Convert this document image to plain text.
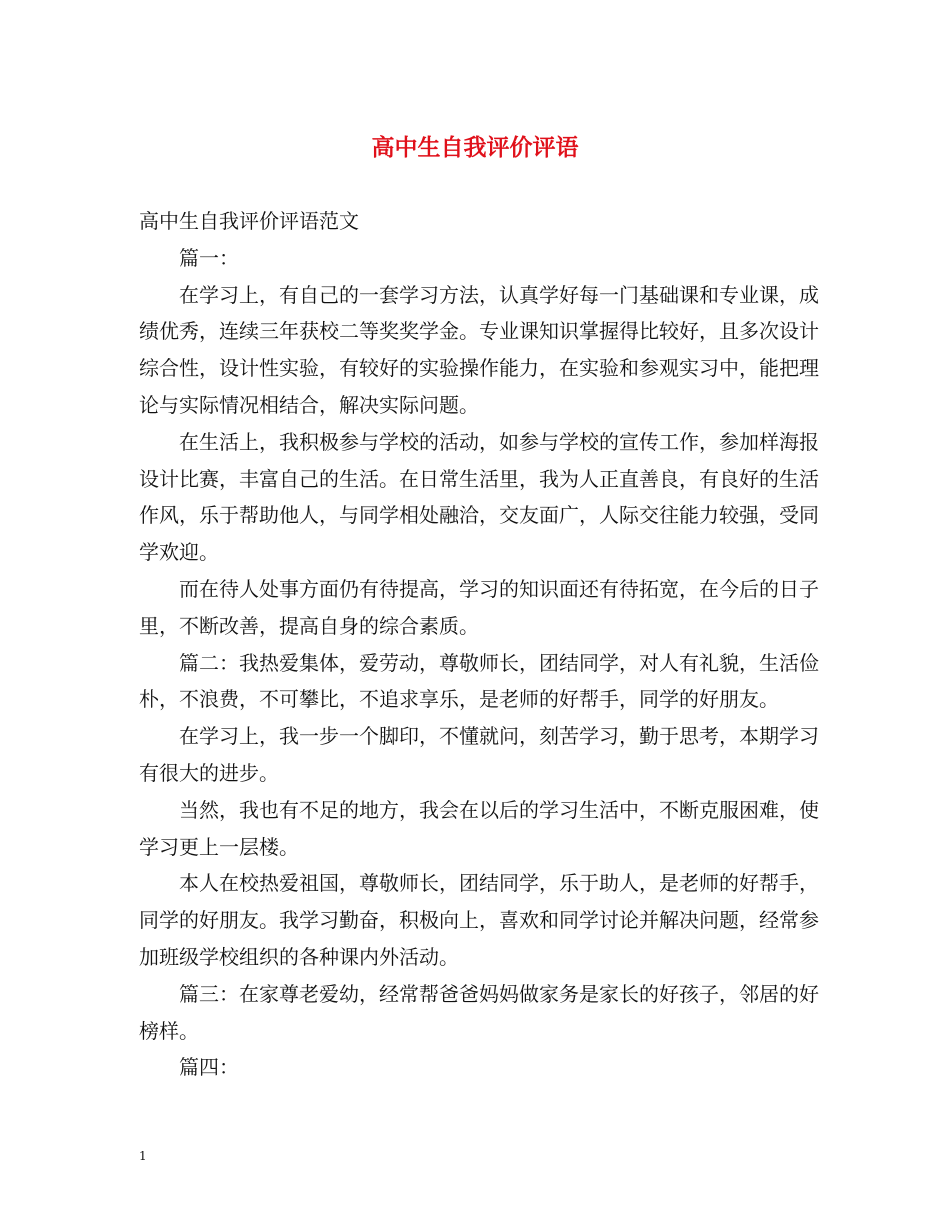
高中生自我评价评语

高中生自我评价评语范文

篇一：

在学习上，有自己的一套学习方法，认真学好每一门基础课和专业课，成绩优秀，连续三年获校二等奖奖学金。专业课知识掌握得比较好，且多次设计综合性，设计性实验，有较好的实验操作能力，在实验和参观实习中，能把理论与实际情况相结合，解决实际问题。

在生活上，我积极参与学校的活动，如参与学校的宣传工作，参加样海报设计比赛，丰富自己的生活。在日常生活里，我为人正直善良，有良好的生活作风，乐于帮助他人，与同学相处融洽，交友面广，人际交往能力较强，受同学欢迎。

而在待人处事方面仍有待提高，学习的知识面还有待拓宽，在今后的日子里，不断改善，提高自身的综合素质。

篇二：我热爱集体，爱劳动，尊敬师长，团结同学，对人有礼貌，生活俭朴，不浪费，不可攀比，不追求享乐，是老师的好帮手，同学的好朋友。

在学习上，我一步一个脚印，不懂就问，刻苦学习，勤于思考，本期学习有很大的进步。

当然，我也有不足的地方，我会在以后的学习生活中，不断克服困难，使学习更上一层楼。

本人在校热爱祖国，尊敬师长，团结同学，乐于助人，是老师的好帮手，同学的好朋友。我学习勤奋，积极向上，喜欢和同学讨论并解决问题，经常参加班级学校组织的各种课内外活动。

篇三：在家尊老爱幼，经常帮爸爸妈妈做家务是家长的好孩子，邻居的好榜样。

篇四：

1
